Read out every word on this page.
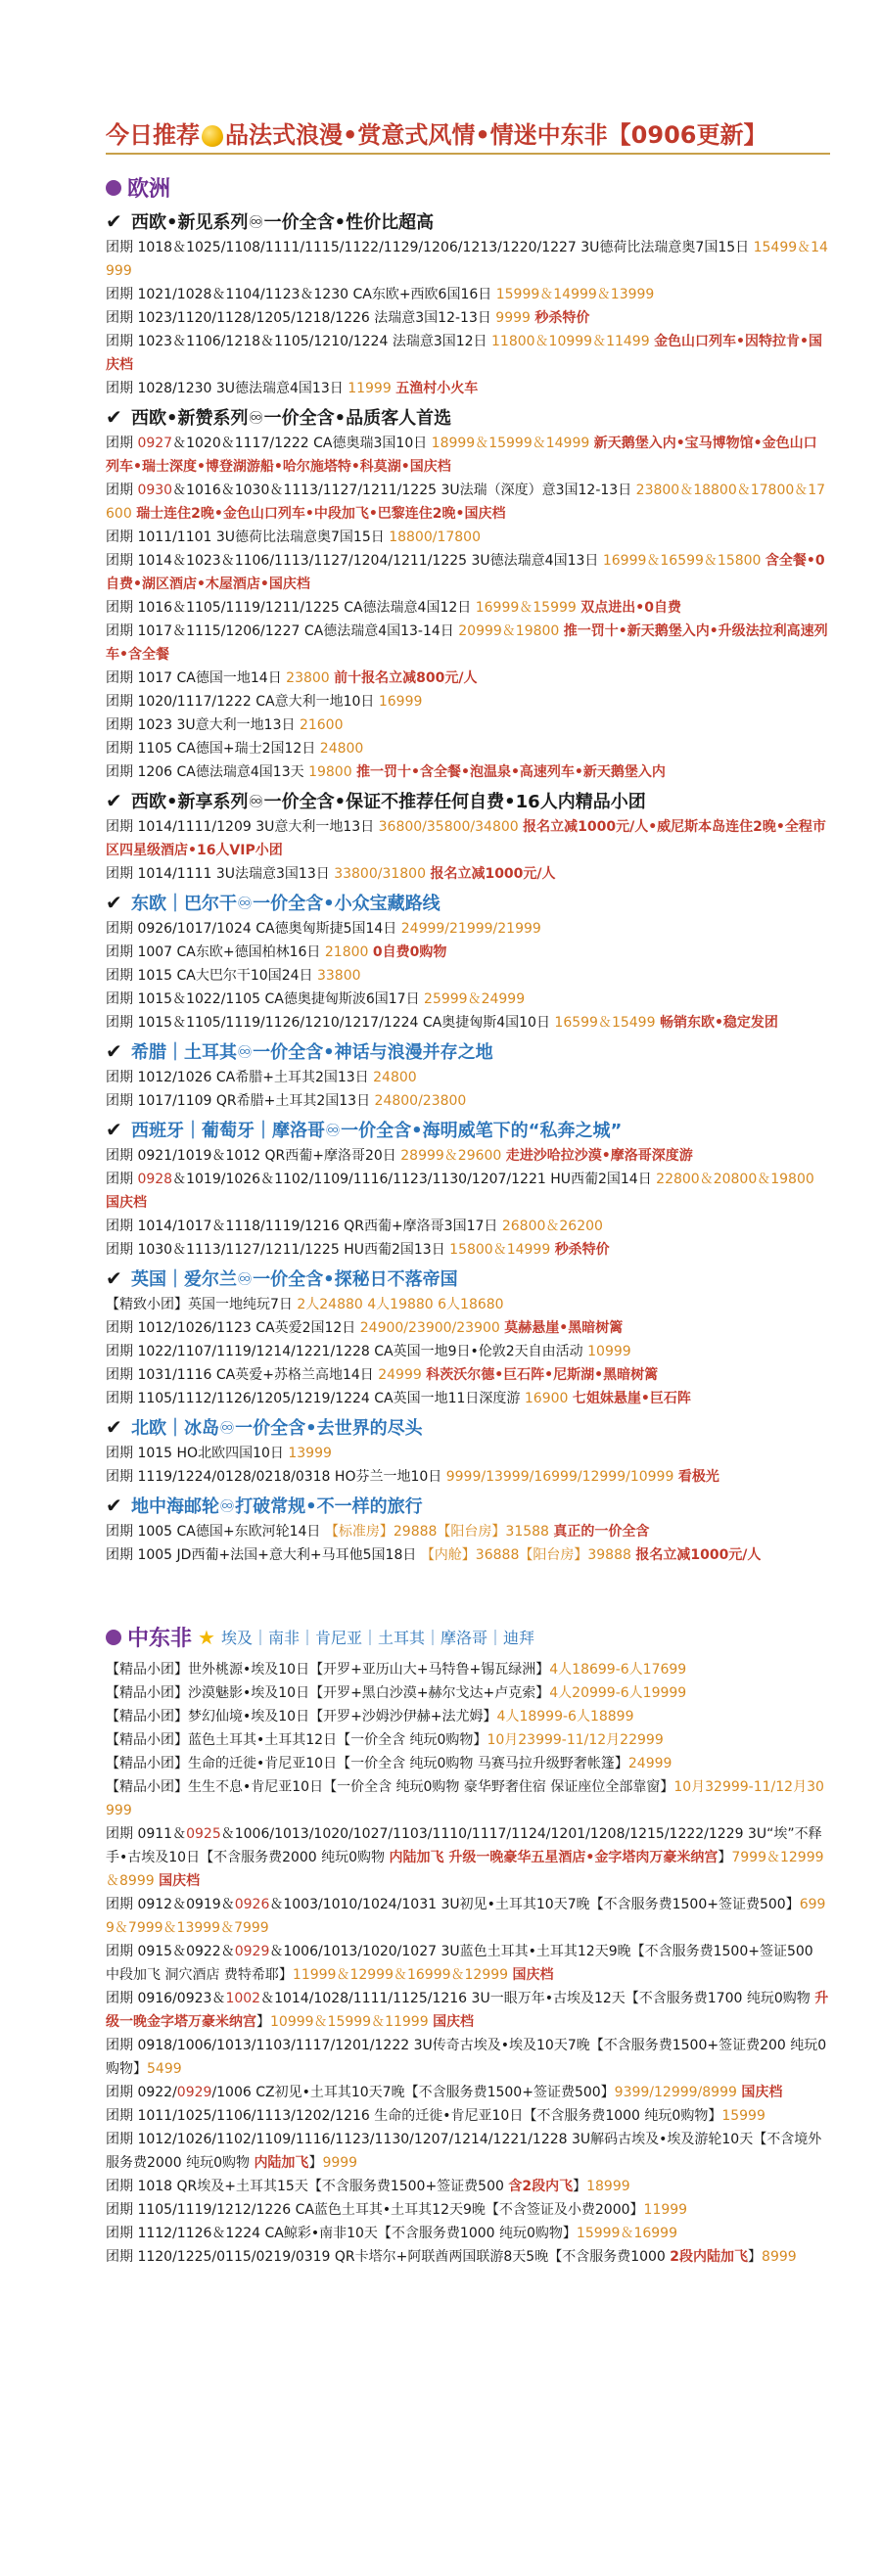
今日推荐 品法式浪漫•赏意式风情•情迷中东非【0906更新】
欧洲
✔ 西欧•新见系列♾一价全含•性价比超高
团期 1018＆1025/1108/1111/1115/1122/1129/1206/1213/1220/1227 3U德荷比法瑞意奥7国15日 15499＆14999
团期 1021/1028＆1104/1123＆1230 CA东欧+西欧6国16日 15999＆14999＆13999
团期 1023/1120/1128/1205/1218/1226 法瑞意3国12-13日 9999 秒杀特价
团期 1023＆1106/1218＆1105/1210/1224 法瑞意3国12日 11800＆10999＆11499 金色山口列车•因特拉肯•国庆档
团期 1028/1230 3U德法瑞意4国13日 11999 五渔村小火车
✔ 西欧•新赞系列♾一价全含•品质客人首选
团期 0927＆1020＆1117/1222 CA德奥瑞3国10日 18999＆15999＆14999 新天鹅堡入内•宝马博物馆•金色山口列车•瑞士深度•博登湖游船•哈尔施塔特•科莫湖•国庆档
团期 0930＆1016＆1030＆1113/1127/1211/1225 3U法瑞（深度）意3国12-13日 23800＆18800＆17800＆17600 瑞士连住2晚•金色山口列车•中段加飞•巴黎连住2晚•国庆档
团期 1011/1101 3U德荷比法瑞意奥7国15日 18800/17800
团期 1014＆1023＆1106/1113/1127/1204/1211/1225 3U德法瑞意4国13日 16999＆16599＆15800 含全餐•0自费•湖区酒店•木屋酒店•国庆档
团期 1016＆1105/1119/1211/1225 CA德法瑞意4国12日 16999＆15999 双点进出•0自费
团期 1017＆1115/1206/1227 CA德法瑞意4国13-14日 20999＆19800 推一罚十•新天鹅堡入内•升级法拉利高速列车•含全餐
团期 1017 CA德国一地14日 23800 前十报名立减800元/人
团期 1020/1117/1222 CA意大利一地10日 16999
团期 1023 3U意大利一地13日 21600
团期 1105 CA德国+瑞士2国12日 24800
团期 1206 CA德法瑞意4国13天 19800 推一罚十•含全餐•泡温泉•高速列车•新天鹅堡入内
✔ 西欧•新享系列♾一价全含•保证不推荐任何自费•16人内精品小团
团期 1014/1111/1209 3U意大利一地13日 36800/35800/34800 报名立减1000元/人•威尼斯本岛连住2晚•全程市区四星级酒店•16人VIP小团
团期 1014/1111 3U法瑞意3国13日 33800/31800 报名立减1000元/人
✔ 东欧｜巴尔干♾一价全含•小众宝藏路线
团期 0926/1017/1024 CA德奥匈斯捷5国14日 24999/21999/21999
团期 1007 CA东欧+德国柏林16日 21800 0自费0购物
团期 1015 CA大巴尔干10国24日 33800
团期 1015＆1022/1105 CA德奥捷匈斯波6国17日 25999＆24999
团期 1015＆1105/1119/1126/1210/1217/1224 CA奥捷匈斯4国10日 16599＆15499 畅销东欧•稳定发团
✔ 希腊｜土耳其♾一价全含•神话与浪漫并存之地
团期 1012/1026 CA希腊+土耳其2国13日 24800
团期 1017/1109 QR希腊+土耳其2国13日 24800/23800
✔ 西班牙｜葡萄牙｜摩洛哥♾一价全含•海明威笔下的“私奔之城”
团期 0921/1019＆1012 QR西葡+摩洛哥20日 28999＆29600 走进沙哈拉沙漠•摩洛哥深度游
团期 0928＆1019/1026＆1102/1109/1116/1123/1130/1207/1221 HU西葡2国14日 22800＆20800＆19800 国庆档
团期 1014/1017＆1118/1119/1216 QR西葡+摩洛哥3国17日 26800＆26200
团期 1030＆1113/1127/1211/1225 HU西葡2国13日 15800＆14999 秒杀特价
✔ 英国｜爱尔兰♾一价全含•探秘日不落帝国
【精致小团】英国一地纯玩7日 2人24880 4人19880 6人18680
团期 1012/1026/1123 CA英爱2国12日 24900/23900/23900 莫赫悬崖•黑暗树篱
团期 1022/1107/1119/1214/1221/1228 CA英国一地9日•伦敦2天自由活动 10999
团期 1031/1116 CA英爱+苏格兰高地14日 24999 科茨沃尔德•巨石阵•尼斯湖•黑暗树篱
团期 1105/1112/1126/1205/1219/1224 CA英国一地11日深度游 16900 七姐妹悬崖•巨石阵
✔ 北欧｜冰岛♾一价全含•去世界的尽头
团期 1015 HO北欧四国10日 13999
团期 1119/1224/0128/0218/0318 HO芬兰一地10日 9999/13999/16999/12999/10999 看极光
✔ 地中海邮轮♾打破常规•不一样的旅行
团期 1005 CA德国+东欧河轮14日 【标准房】29888【阳台房】31588 真正的一价全含
团期 1005 JD西葡+法国+意大利+马耳他5国18日 【内舱】36888【阳台房】39888 报名立减1000元/人
中东非 ★ 埃及｜南非｜肯尼亚｜土耳其｜摩洛哥｜迪拜
【精品小团】世外桃源•埃及10日【开罗+亚历山大+马特鲁+锡瓦绿洲】4人18699-6人17699
【精品小团】沙漠魅影•埃及10日【开罗+黑白沙漠+赫尔戈达+卢克索】4人20999-6人19999
【精品小团】梦幻仙境•埃及10日【开罗+沙姆沙伊赫+法尤姆】4人18999-6人18899
【精品小团】蓝色土耳其•土耳其12日【一价全含 纯玩0购物】10月23999-11/12月22999
【精品小团】生命的迁徙•肯尼亚10日【一价全含 纯玩0购物 马赛马拉升级野奢帐篷】24999
【精品小团】生生不息•肯尼亚10日【一价全含 纯玩0购物 豪华野奢住宿 保证座位全部靠窗】10月32999-11/12月30999
团期 0911＆0925＆1006/1013/1020/1027/1103/1110/1117/1124/1201/1208/1215/1222/1229 3U“埃”不释手•古埃及10日【不含服务费2000 纯玩0购物 内陆加飞 升级一晚豪华五星酒店•金字塔肉万豪米纳宫】7999＆12999＆8999 国庆档
团期 0912＆0919＆0926＆1003/1010/1024/1031 3U初见•土耳其10天7晚【不含服务费1500+签证费500】6999＆7999＆13999＆7999
团期 0915＆0922＆0929＆1006/1013/1020/1027 3U蓝色土耳其•土耳其12天9晚【不含服务费1500+签证500 中段加飞 洞穴酒店 费特希耶】11999＆12999＆16999＆12999 国庆档
团期 0916/0923＆1002＆1014/1028/1111/1125/1216 3U一眼万年•古埃及12天【不含服务费1700 纯玩0购物 升级一晚金字塔万豪米纳宫】10999＆15999＆11999 国庆档
团期 0918/1006/1013/1103/1117/1201/1222 3U传奇古埃及•埃及10天7晚【不含服务费1500+签证费200 纯玩0购物】5499
团期 0922/0929/1006 CZ初见•土耳其10天7晚【不含服务费1500+签证费500】9399/12999/8999 国庆档
团期 1011/1025/1106/1113/1202/1216 生命的迁徙•肯尼亚10日【不含服务费1000 纯玩0购物】15999
团期 1012/1026/1102/1109/1116/1123/1130/1207/1214/1221/1228 3U解码古埃及•埃及游轮10天【不含境外服务费2000 纯玩0购物 内陆加飞】9999
团期 1018 QR埃及+土耳其15天【不含服务费1500+签证费500 含2段内飞】18999
团期 1105/1119/1212/1226 CA蓝色土耳其•土耳其12天9晚【不含签证及小费2000】11999
团期 1112/1126＆1224 CA鲸彩•南非10天【不含服务费1000 纯玩0购物】15999＆16999
团期 1120/1225/0115/0219/0319 QR卡塔尔+阿联酋两国联游8天5晚【不含服务费1000 2段内陆加飞】8999
